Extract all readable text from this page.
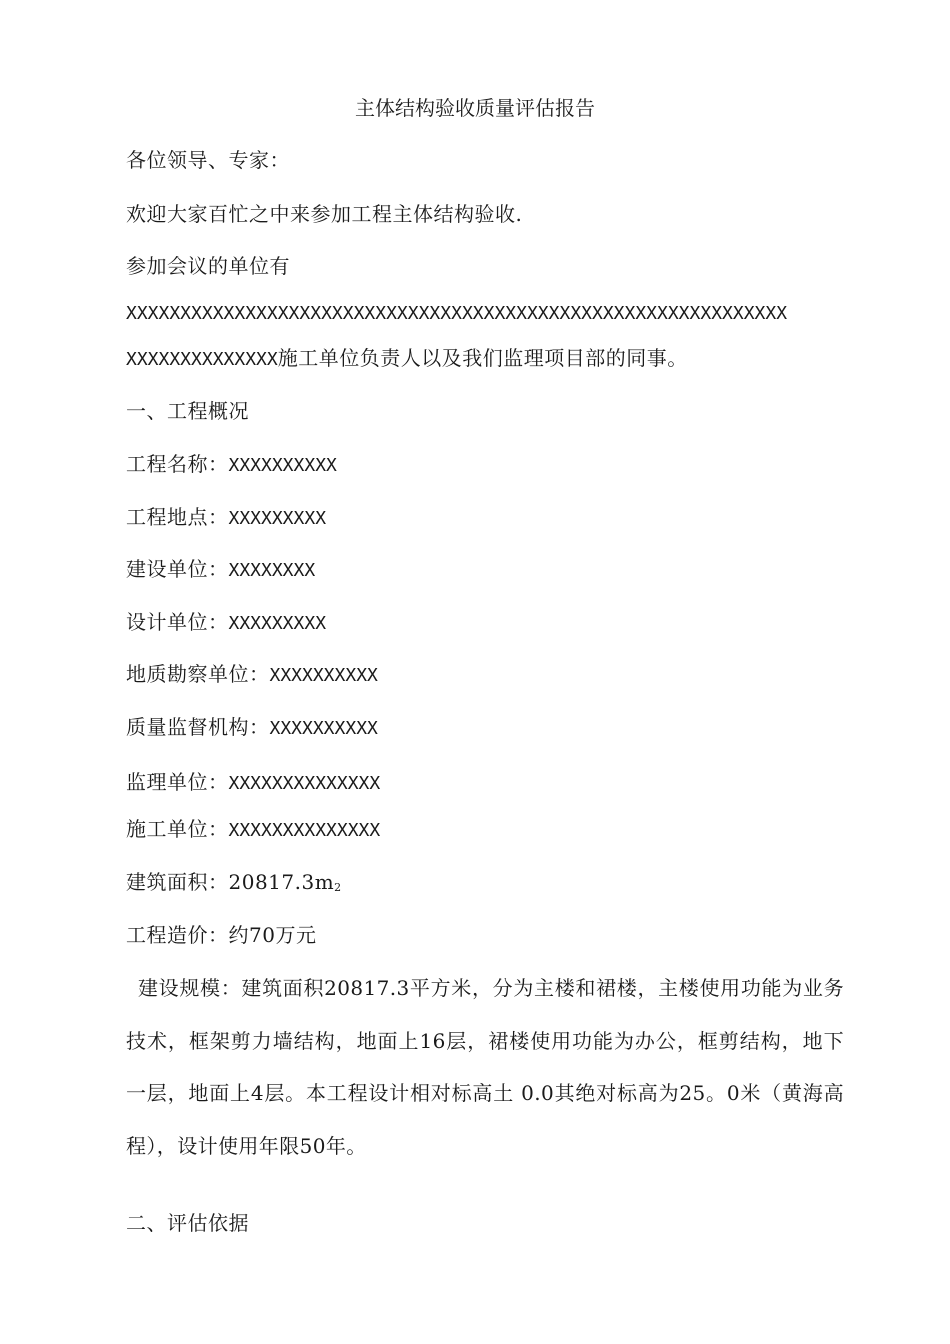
主体结构验收质量评估报告
各位领导、专家：
欢迎大家百忙之中来参加工程主体结构验收.
参加会议的单位有
XXXXXXXXXXXXXXXXXXXXXXXXXXXXXXXXXXXXXXXXXXXXXXXXXXXXXXXXXXXXX
XXXXXXXXXXXXXX施工单位负责人以及我们监理项目部的同事。
一、工程概况
工程名称：XXXXXXXXXX
工程地点：XXXXXXXXX
建设单位：XXXXXXXX
设计单位：XXXXXXXXX
地质勘察单位：XXXXXXXXXX
质量监督机构：XXXXXXXXXX
监理单位：XXXXXXXXXXXXXX
施工单位：XXXXXXXXXXXXXX
建筑面积：20817.3m2
工程造价：约70万元
建设规模：建筑面积20817.3平方米，分为主楼和裙楼，主楼使用功能为业务技术，框架剪力墙结构，地面上16层，裙楼使用功能为办公，框剪结构，地下一层，地面上4层。本工程设计相对标高土 0.0其绝对标高为25。0米（黄海高程），设计使用年限50年。
二、评估依据
